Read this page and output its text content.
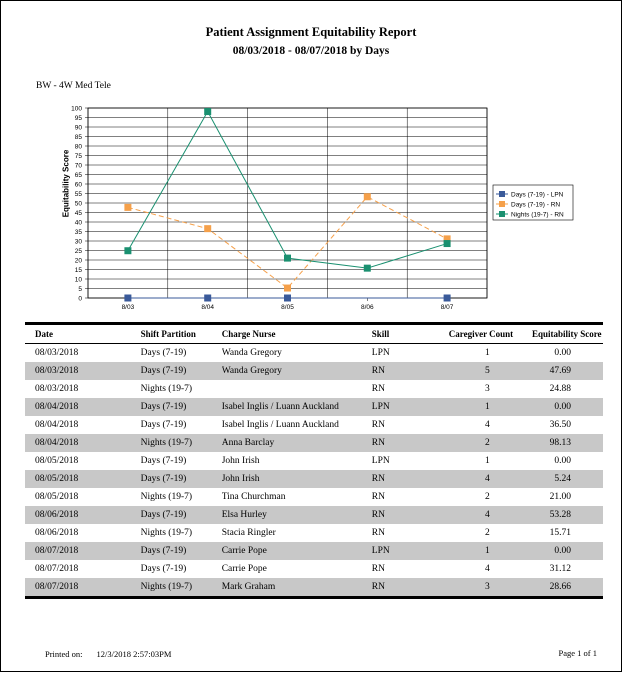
Patient Assignment Equitability Report
08/03/2018 - 08/07/2018 by Days
BW - 4W Med Tele
Equitability Score
0
5
10
15
20
25
30
35
40
45
50
55
60
65
70
75
80
85
90
95
100
8/03	8/04	8/05	8/06	8/07
Days (7-19) - LPN
Days (7-19) - RN
Nights (19-7) - RN
Date	Shift Partition	Charge Nurse	Skill	Caregiver Count	Equitability Score
08/03/2018	Days (7-19)	Wanda Gregory	LPN	1	0.00
08/03/2018	Days (7-19)	Wanda Gregory	RN	5	47.69
08/03/2018	Nights (19-7)		RN	3	24.88
08/04/2018	Days (7-19)	Isabel Inglis / Luann Auckland	LPN	1	0.00
08/04/2018	Days (7-19)	Isabel Inglis / Luann Auckland	RN	4	36.50
08/04/2018	Nights (19-7)	Anna Barclay	RN	2	98.13
08/05/2018	Days (7-19)	John Irish	LPN	1	0.00
08/05/2018	Days (7-19)	John Irish	RN	4	5.24
08/05/2018	Nights (19-7)	Tina Churchman	RN	2	21.00
08/06/2018	Days (7-19)	Elsa Hurley	RN	4	53.28
08/06/2018	Nights (19-7)	Stacia Ringler	RN	2	15.71
08/07/2018	Days (7-19)	Carrie Pope	LPN	1	0.00
08/07/2018	Days (7-19)	Carrie Pope	RN	4	31.12
08/07/2018	Nights (19-7)	Mark Graham	RN	3	28.66
Printed on: 12/3/2018 2:57:03PM	Page 1 of 1
